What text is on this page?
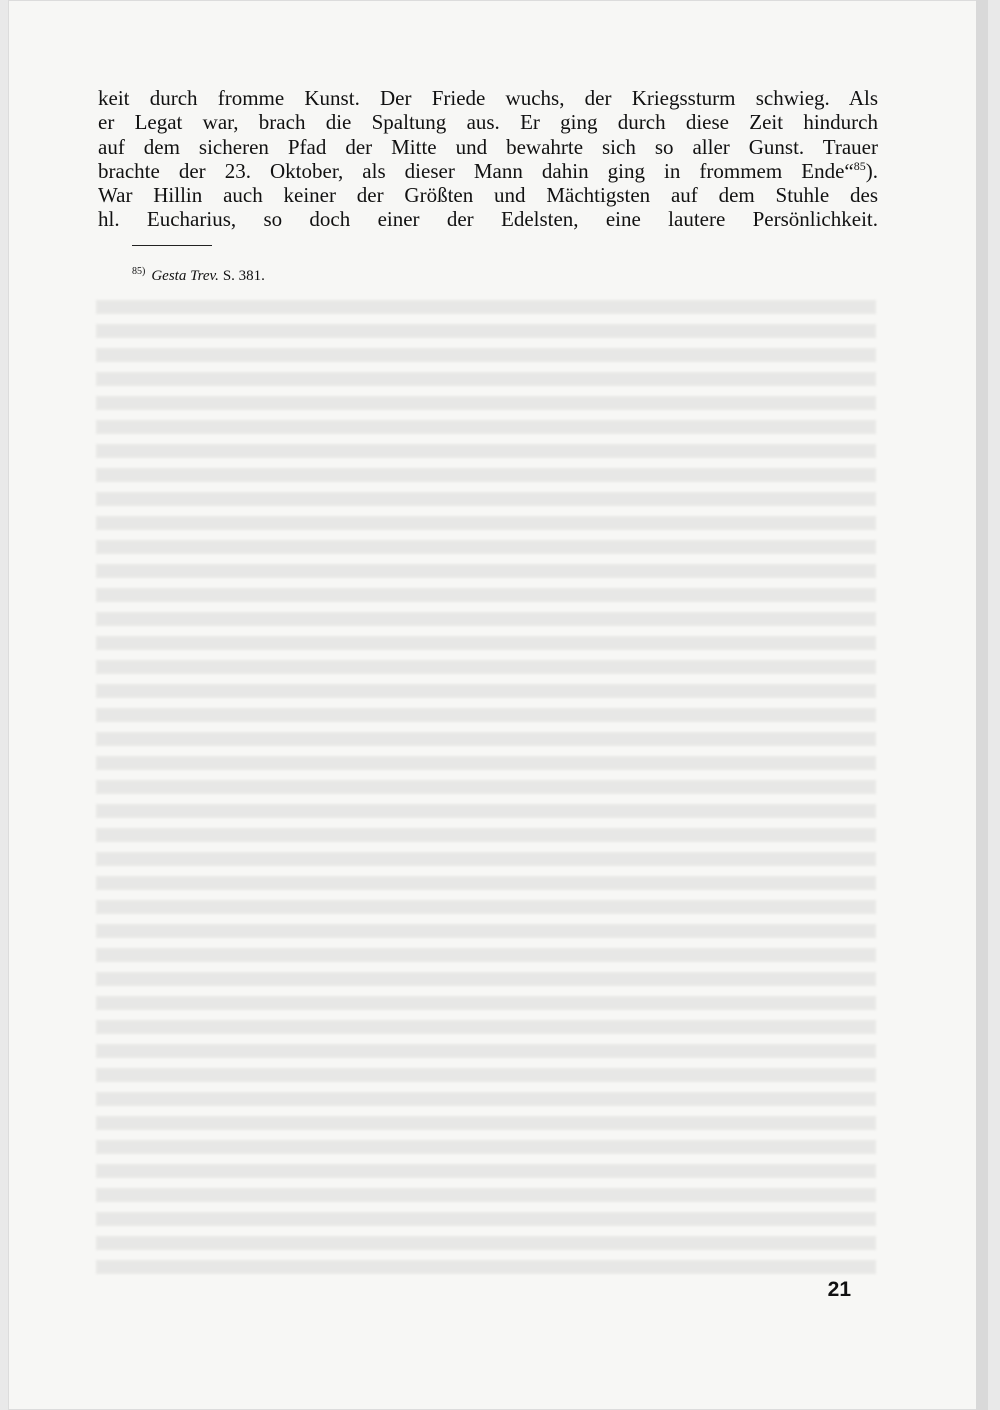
keit durch fromme Kunst. Der Friede wuchs, der Kriegssturm schwieg. Als
er Legat war, brach die Spaltung aus. Er ging durch diese Zeit hindurch
auf dem sicheren Pfad der Mitte und bewahrte sich so aller Gunst. Trauer
brachte der 23. Oktober, als dieser Mann dahin ging in frommem Ende“$^{85}$).
War Hillin auch keiner der Größten und Mächtigsten auf dem Stuhle des
hl. Eucharius, so doch einer der Edelsten, eine lautere Persönlichkeit.
$^{85)}$ Gesta Trev. S. 381.
21
